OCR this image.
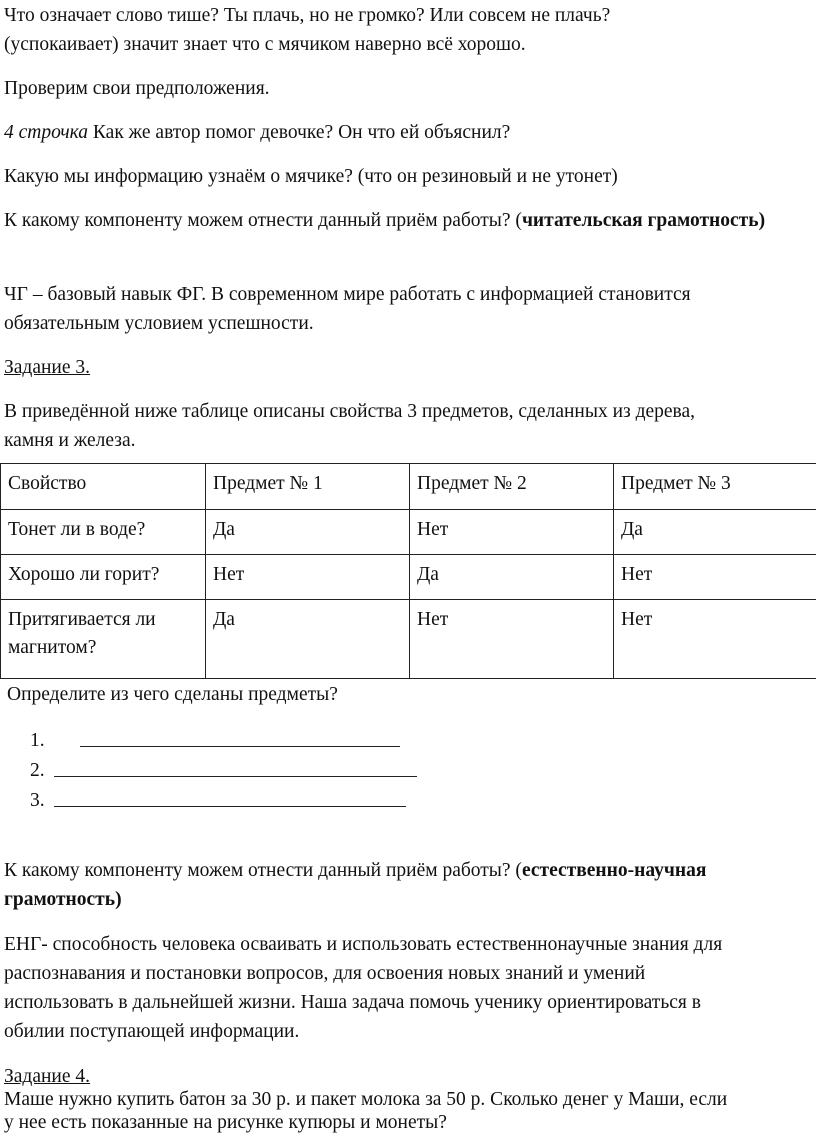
Что означает слово тише? Ты плачь, но не громко? Или совсем не плачь?

(успокаивает) значит знает что с мячиком наверно всё хорошо.

Проверим свои предположения.

4 строчка Как же автор помог девочке? Он что ей объяснил?

Какую мы информацию узнаём о мячике? (что он резиновый и не утонет)

К какому компоненту можем отнести данный приём работы? (читательская грамотность)

ЧГ – базовый навык ФГ. В современном мире работать с информацией становится

обязательным условием успешности.

Задание 3.

В приведённой ниже таблице описаны свойства 3 предметов, сделанных из дерева,

камня и железа.

Свойство	Предмет № 1	Предмет № 2	Предмет № 3
Тонет ли в воде?	Да	Нет	Да
Хорошо ли горит?	Нет	Да	Нет
Притягивается ли магнитом?	Да	Нет	Нет

Определите из чего сделаны предметы?

1.
2.
3.

К какому компоненту можем отнести данный приём работы? (естественно-научная

грамотность)

ЕНГ- способность человека осваивать и использовать естественнонаучные знания для

распознавания и постановки вопросов, для освоения новых знаний и умений

использовать в дальнейшей жизни. Наша задача помочь ученику ориентироваться в

обилии поступающей информации.

Задание 4.

Маше нужно купить батон за 30 р. и пакет молока за 50 р. Сколько денег у Маши, если

у нее есть показанные на рисунке купюры и монеты?
